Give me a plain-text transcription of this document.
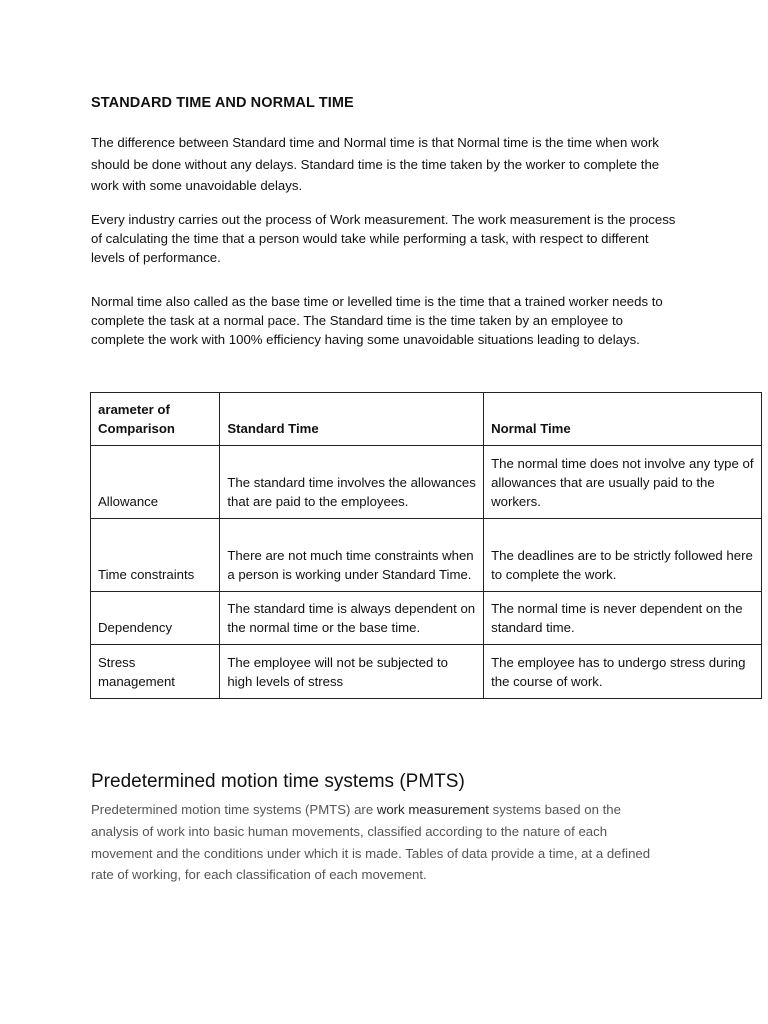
STANDARD TIME AND NORMAL TIME

The difference between Standard time and Normal time is that Normal time is the time when work should be done without any delays. Standard time is the time taken by the worker to complete the work with some unavoidable delays.

Every industry carries out the process of Work measurement. The work measurement is the process of calculating the time that a person would take while performing a task, with respect to different levels of performance.

Normal time also called as the base time or levelled time is the time that a trained worker needs to complete the task at a normal pace. The Standard time is the time taken by an employee to complete the work with 100% efficiency having some unavoidable situations leading to delays.

arameter of Comparison	Standard Time	Normal Time
Allowance	The standard time involves the allowances that are paid to the employees.	The normal time does not involve any type of allowances that are usually paid to the workers.
Time constraints	There are not much time constraints when a person is working under Standard Time.	The deadlines are to be strictly followed here to complete the work.
Dependency	The standard time is always dependent on the normal time or the base time.	The normal time is never dependent on the standard time.
Stress management	The employee will not be subjected to high levels of stress	The employee has to undergo stress during the course of work.
Predetermined motion time systems (PMTS)

Predetermined motion time systems (PMTS) are work measurement systems based on the analysis of work into basic human movements, classified according to the nature of each movement and the conditions under which it is made. Tables of data provide a time, at a defined rate of working, for each classification of each movement.
